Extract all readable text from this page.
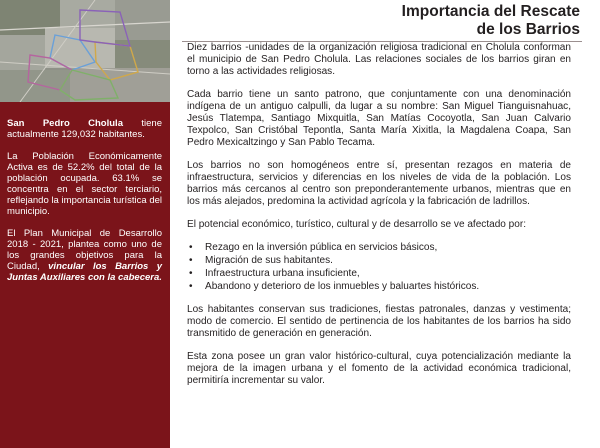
San Pedro Cholula tiene actualmente 129,032 habitantes.

La Población Económicamente Activa es de 52.2% del total de la población ocupada. 63.1% se concentra en el sector terciario, reflejando la importancia turística del municipio.

El Plan Municipal de Desarrollo 2018 - 2021, plantea como uno de los grandes objetivos para la Ciudad, vincular los Barrios y Juntas Auxiliares con la cabecera.

Importancia del Rescate
de los Barrios

Diez barrios -unidades de la organización religiosa tradicional en Cholula conforman el municipio de San Pedro Cholula. Las relaciones sociales de los barrios giran en torno a las actividades religiosas.

Cada barrio tiene un santo patrono, que conjuntamente con una denominación indígena de un antiguo calpulli, da lugar a su nombre: San Miguel Tianguisnahuac, Jesús Tlatempa, Santiago Mixquitla, San Matías Cocoyotla, San Juan Calvario Texpolco, San Cristóbal Tepontla, Santa María Xixitla, la Magdalena Coapa, San Pedro Mexicaltzingo y San Pablo Tecama.

Los barrios no son homogéneos entre sí, presentan rezagos en materia de infraestructura, servicios y diferencias en los niveles de vida de la población. Los barrios más cercanos al centro son preponderantemente urbanos, mientras que en los más alejados, predomina la actividad agrícola y la fabricación de ladrillos.

El potencial económico, turístico, cultural y de desarrollo se ve afectado por:

• Rezago en la inversión pública en servicios básicos,
• Migración de sus habitantes.
• Infraestructura urbana insuficiente,
• Abandono y deterioro de los inmuebles y baluartes históricos.

Los habitantes conservan sus tradiciones, fiestas patronales, danzas y vestimenta; modo de comercio. El sentido de pertinencia de los habitantes de los barrios ha sido transmitido de generación en generación.

Esta zona posee un gran valor histórico-cultural, cuya potencialización mediante la mejora de la imagen urbana y el fomento de la actividad económica tradicional, permitiría incrementar su valor.
